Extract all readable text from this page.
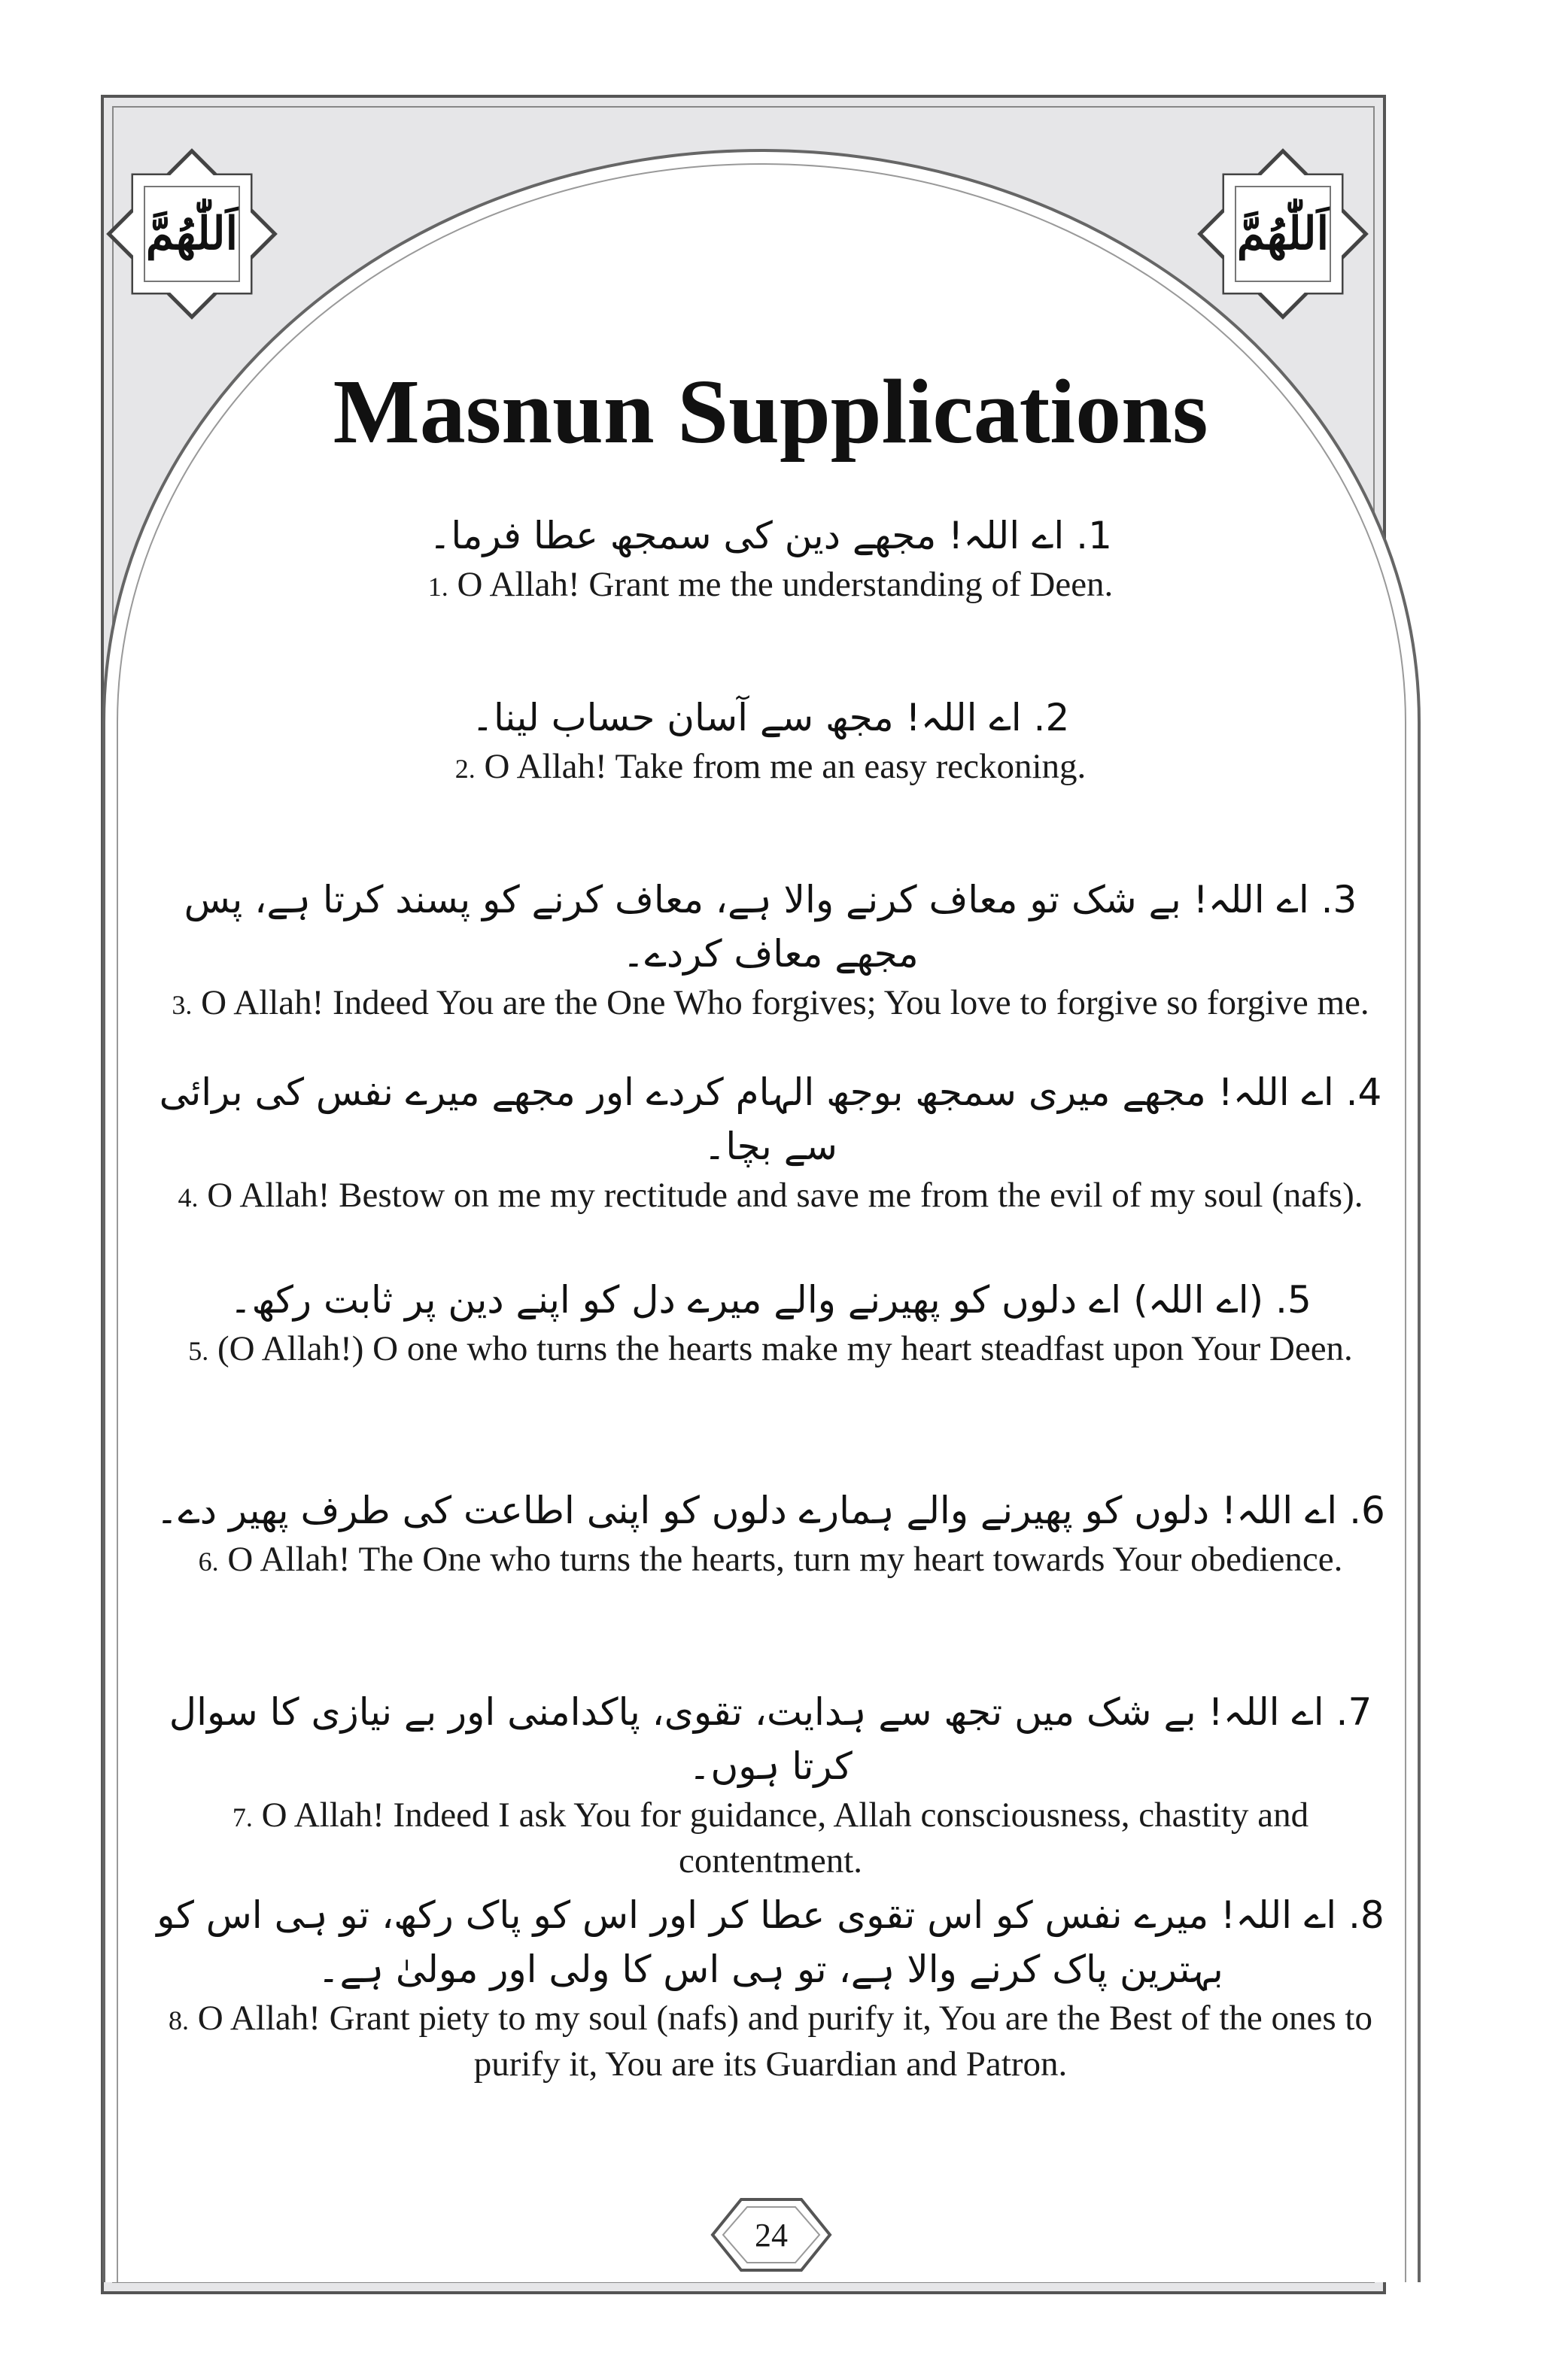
اَللّٰهُمَّ	اَللّٰهُمَّ
Masnun Supplications
1. اے اللہ! مجھے دین کی سمجھ عطا فرما۔
1. O Allah! Grant me the understanding of Deen.
2. اے اللہ! مجھ سے آسان حساب لینا۔
2. O Allah! Take from me an easy reckoning.
3. اے اللہ! بے شک تو معاف کرنے والا ہے، معاف کرنے کو پسند کرتا ہے، پس مجھے معاف کردے۔
3. O Allah! Indeed You are the One Who forgives; You love to forgive so forgive me.
4. اے اللہ! مجھے میری سمجھ بوجھ الہام کردے اور مجھے میرے نفس کی برائی سے بچا۔
4. O Allah! Bestow on me my rectitude and save me from the evil of my soul (nafs).
5. (اے اللہ) اے دلوں کو پھیرنے والے میرے دل کو اپنے دین پر ثابت رکھ۔
5. (O Allah!) O one who turns the hearts make my heart steadfast upon Your Deen.
6. اے اللہ! دلوں کو پھیرنے والے ہمارے دلوں کو اپنی اطاعت کی طرف پھیر دے۔
6. O Allah! The One who turns the hearts, turn my heart towards Your obedience.
7. اے اللہ! بے شک میں تجھ سے ہدایت، تقوی، پاکدامنی اور بے نیازی کا سوال کرتا ہوں۔
7. O Allah! Indeed I ask You for guidance, Allah consciousness, chastity and contentment.
8. اے اللہ! میرے نفس کو اس تقوی عطا کر اور اس کو پاک رکھ، تو ہی اس کو بہترین پاک کرنے والا ہے، تو ہی اس کا ولی اور مولیٰ ہے۔
8. O Allah! Grant piety to my soul (nafs) and purify it, You are the Best of the ones to purify it, You are its Guardian and Patron.
24
